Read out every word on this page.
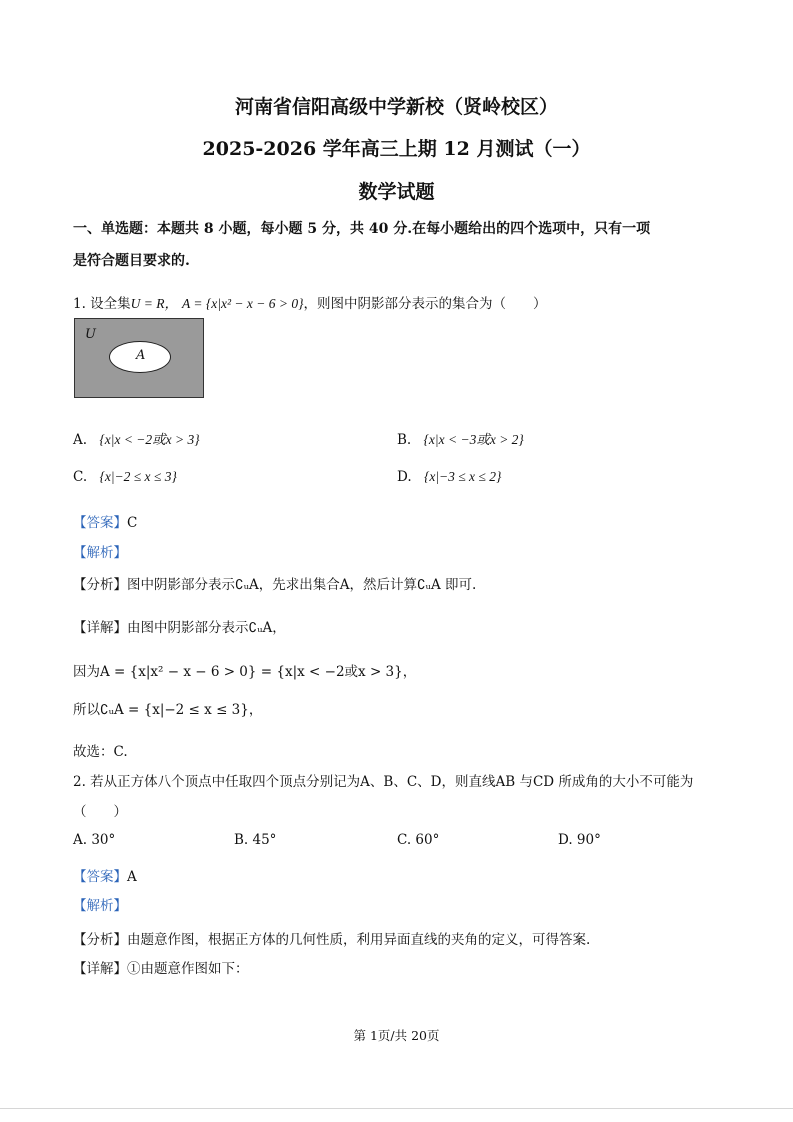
河南省信阳高级中学新校（贤岭校区）
2025-2026 学年高三上期 12 月测试（一）
数学试题
一、单选题：本题共 8 小题，每小题 5 分，共 40 分.在每小题给出的四个选项中，只有一项
是符合题目要求的.
1. 设全集U = R， A = {x|x² − x − 6 > 0}，则图中阴影部分表示的集合为（　　）
U
A
A. {x|x < −2或x > 3}	B. {x|x < −3或x > 2}
C. {x|−2 ≤ x ≤ 3}	D. {x|−3 ≤ x ≤ 2}
【答案】C
【解析】
【分析】图中阴影部分表示∁ᵤA，先求出集合A，然后计算∁ᵤA 即可.
【详解】由图中阴影部分表示∁ᵤA，
因为A = {x|x² − x − 6 > 0} = {x|x < −2或x > 3}，
所以∁ᵤA = {x|−2 ≤ x ≤ 3}，
故选：C.
2. 若从正方体八个顶点中任取四个顶点分别记为A、B、C、D，则直线AB 与CD 所成角的大小不可能为
（　　）
A. 30°	B. 45°	C. 60°	D. 90°
【答案】A
【解析】
【分析】由题意作图，根据正方体的几何性质，利用异面直线的夹角的定义，可得答案.
【详解】①由题意作图如下：
第 1页/共 20页
